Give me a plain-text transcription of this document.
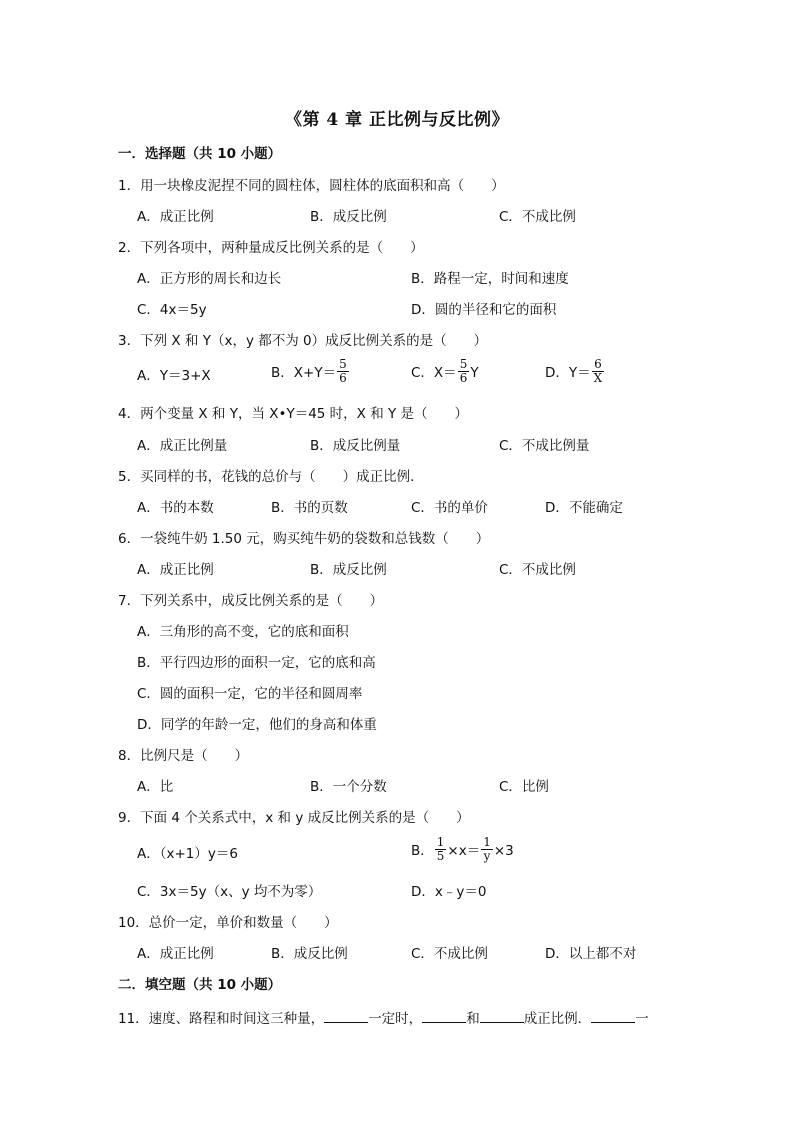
《第 4 章 正比例与反比例》
一．选择题（共 10 小题）
1．用一块橡皮泥捏不同的圆柱体，圆柱体的底面积和高（　　）
A．成正比例	B．成反比例	C．不成比例
2．下列各项中，两种量成反比例关系的是（　　）
A．正方形的周长和边长	B．路程一定，时间和速度
C．4x＝5y	D．圆的半径和它的面积
3．下列 X 和 Y（x，y 都不为 0）成反比例关系的是（　　）
A．Y＝3+X	B．$X+Y= \frac{5}{6}$	C．$X= \frac{5}{6}$ Y	D．$Y= \frac{6}{X}$
4．两个变量 X 和 Y，当 X•Y＝45 时，X 和 Y 是（　　）
A．成正比例量	B．成反比例量	C．不成比例量
5．买同样的书，花钱的总价与（　　）成正比例．
A．书的本数	B．书的页数	C．书的单价	D．不能确定
6．一袋纯牛奶 1.50 元，购买纯牛奶的袋数和总钱数（　　）
A．成正比例	B．成反比例	C．不成比例
7．下列关系中，成反比例关系的是（　　）
A．三角形的高不变，它的底和面积
B．平行四边形的面积一定，它的底和高
C．圆的面积一定，它的半径和圆周率
D．同学的年龄一定，他们的身高和体重
8．比例尺是（　　）
A．比	B．一个分数	C．比例
9．下面 4 个关系式中，x 和 y 成反比例关系的是（　　）
A．（x+1）y＝6	B． $\frac{1}{5} \times x= \frac{1}{y} \times 3$
C．3x＝5y（x、y 均不为零）	D．x﹣y＝0
10．总价一定，单价和数量（　　）
A．成正比例	B．成反比例	C．不成比例	D．以上都不对
二．填空题（共 10 小题）
11．速度、路程和时间这三种量，	一定时，	和	成正比例．	一
